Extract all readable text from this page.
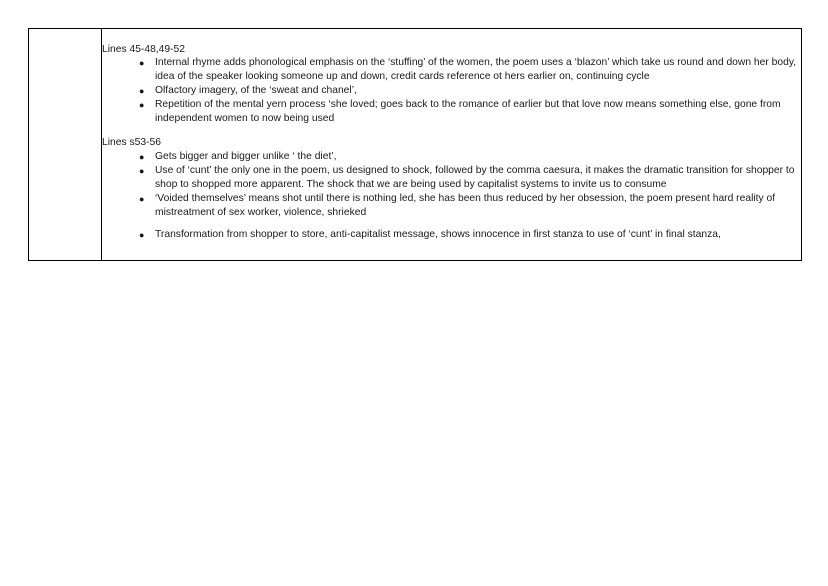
Lines 45-48,49-52
● Internal rhyme adds phonological emphasis on the ‘stuffing’ of the women, the poem uses a ‘blazon’ which take us round and down her body, idea of the speaker looking someone up and down, credit cards reference ot hers earlier on, continuing cycle
● Olfactory imagery, of the ‘sweat and chanel’,
● Repetition of the mental yern process ‘she loved; goes back to the romance of earlier but that love now means something else, gone from independent women to now being used
Lines s53-56
● Gets bigger and bigger unlike ‘ the diet’,
● Use of ‘cunt’ the only one in the poem, us designed to shock, followed by the comma caesura, it makes the dramatic transition for shopper to shop to shopped more apparent. The shock that we are being used by capitalist systems to invite us to consume
● ‘Voided themselves’ means shot until there is nothing led, she has been thus reduced by her obsession, the poem present hard reality of mistreatment of sex worker, violence, shrieked
● Transformation from shopper to store, anti-capitalist message, shows innocence in first stanza to use of ‘cunt’ in final stanza,
